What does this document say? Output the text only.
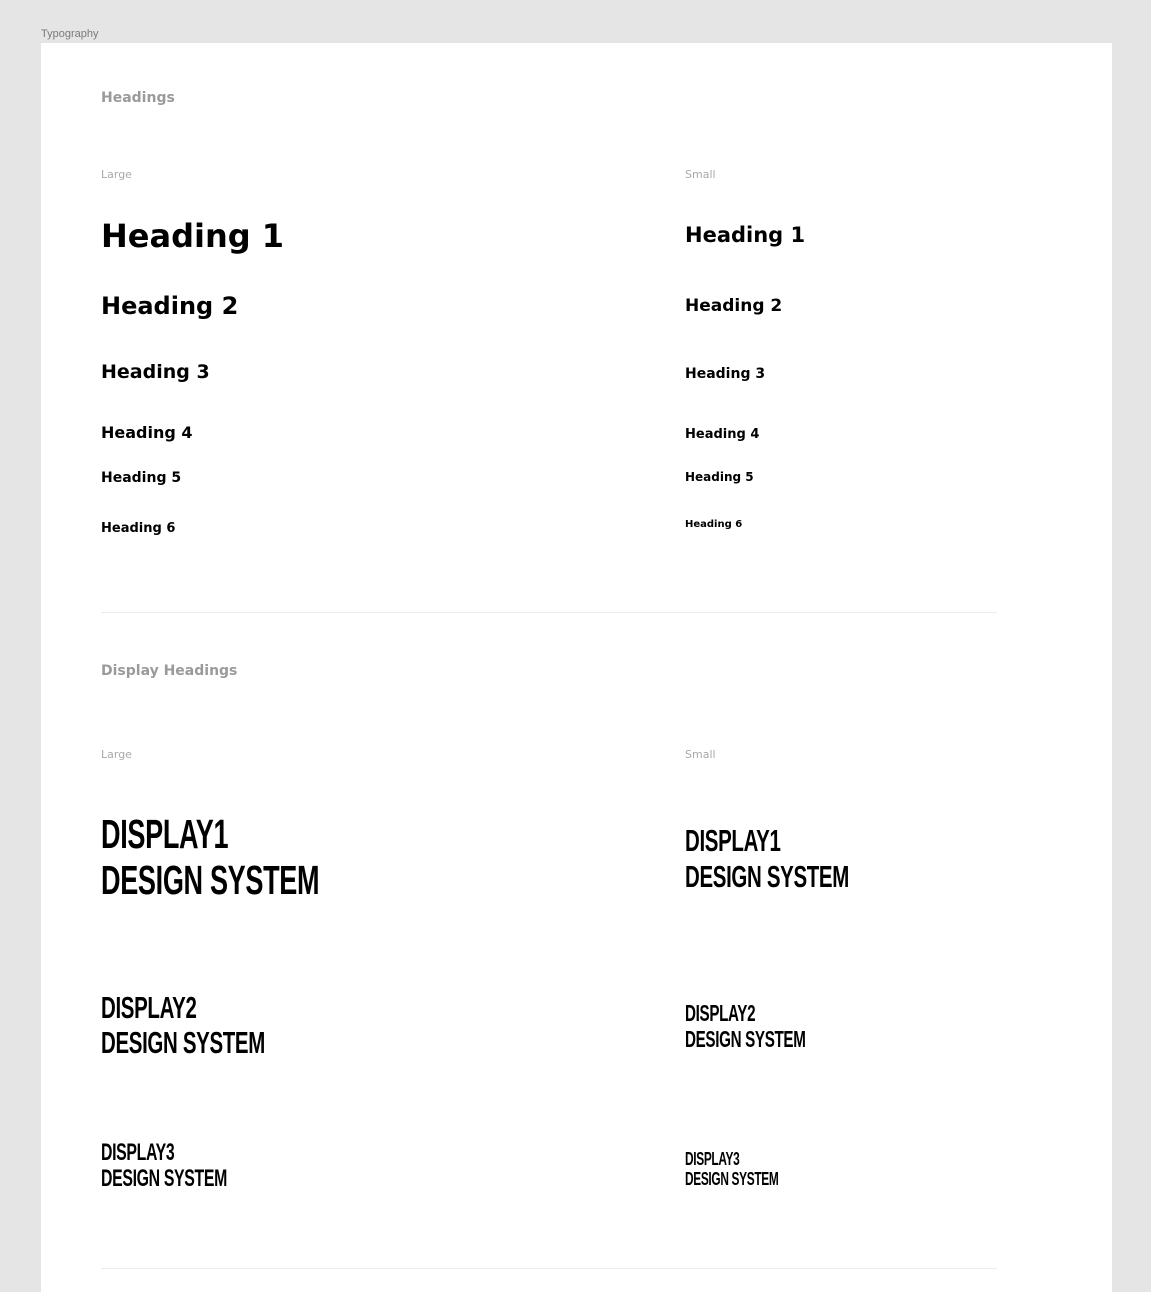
Typography
Headings
Large	Small
Heading 1
Heading 2
Heading 3
Heading 4
Heading 5
Heading 6
Heading 1
Heading 2
Heading 3
Heading 4
Heading 5
Heading 6
Display Headings
Large	Small
DISPLAY1
DESIGN SYSTEM
DISPLAY2
DESIGN SYSTEM
DISPLAY3
DESIGN SYSTEM
DISPLAY1
DESIGN SYSTEM
DISPLAY2
DESIGN SYSTEM
DISPLAY3
DESIGN SYSTEM
